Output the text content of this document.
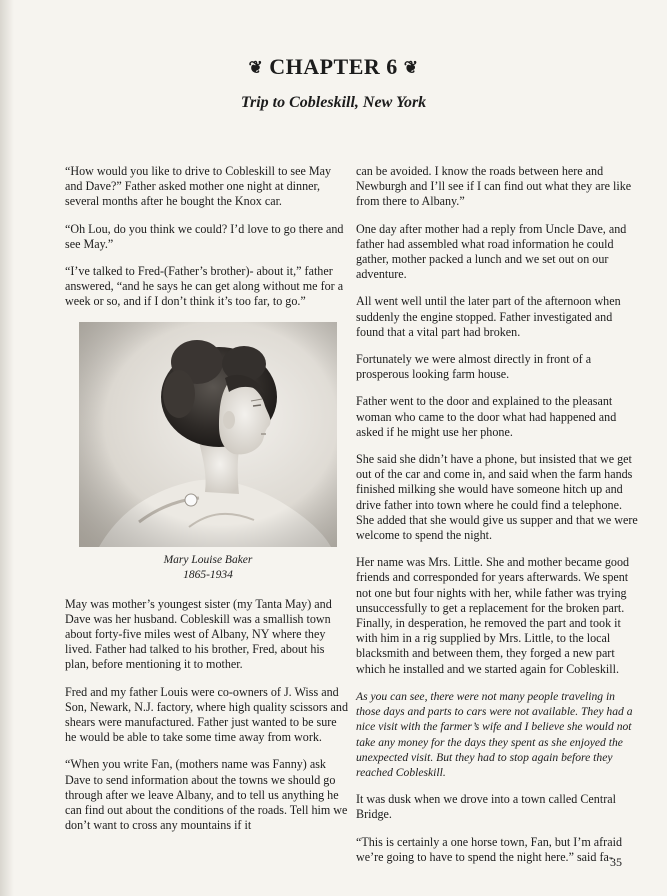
❦ CHAPTER 6 ❦
Trip to Cobleskill, New York

“How would you like to drive to Cobleskill to see May and Dave?” Father asked mother one night at dinner, several months after he bought the Knox car.

“Oh Lou, do you think we could? I’d love to go there and see May.”

“I’ve talked to Fred-(Father’s brother)- about it,” father answered, “and he says he can get along without me for a week or so, and if I don’t think it’s too far, to go.”

Mary Louise Baker
1865-1934

May was mother’s youngest sister (my Tanta May) and Dave was her husband. Cobleskill was a smallish town about forty-five miles west of Albany, NY where they lived. Father had talked to his brother, Fred, about his plan, before mentioning it to mother.

Fred and my father Louis were co-owners of J. Wiss and Son, Newark, N.J. factory, where high quality scissors and shears were manufactured. Father just wanted to be sure he would be able to take some time away from work.

“When you write Fan, (mothers name was Fanny) ask Dave to send information about the towns we should go through after we leave Albany, and to tell us anything he can find out about the conditions of the roads. Tell him we don’t want to cross any mountains if it

can be avoided. I know the roads between here and Newburgh and I’ll see if I can find out what they are like from there to Albany.”

One day after mother had a reply from Uncle Dave, and father had assembled what road information he could gather, mother packed a lunch and we set out on our adventure.

All went well until the later part of the afternoon when suddenly the engine stopped. Father investigated and found that a vital part had broken.

Fortunately we were almost directly in front of a prosperous looking farm house.

Father went to the door and explained to the pleasant woman who came to the door what had happened and asked if he might use her phone.

She said she didn’t have a phone, but insisted that we get out of the car and come in, and said when the farm hands finished milking she would have someone hitch up and drive father into town where he could find a telephone. She added that she would give us supper and that we were welcome to spend the night.

Her name was Mrs. Little. She and mother became good friends and corresponded for years afterwards. We spent not one but four nights with her, while father was trying unsuccessfully to get a replacement for the broken part. Finally, in desperation, he removed the part and took it with him in a rig supplied by Mrs. Little, to the local blacksmith and between them, they forged a new part which he installed and we started again for Cobleskill.

As you can see, there were not many people traveling in those days and parts to cars were not available. They had a nice visit with the farmer’s wife and I believe she would not take any money for the days they spent as she enjoyed the unexpected visit. But they had to stop again before they reached Cobleskill.

It was dusk when we drove into a town called Central Bridge.

“This is certainly a one horse town, Fan, but I’m afraid we’re going to have to spend the night here.” said fa-

35
